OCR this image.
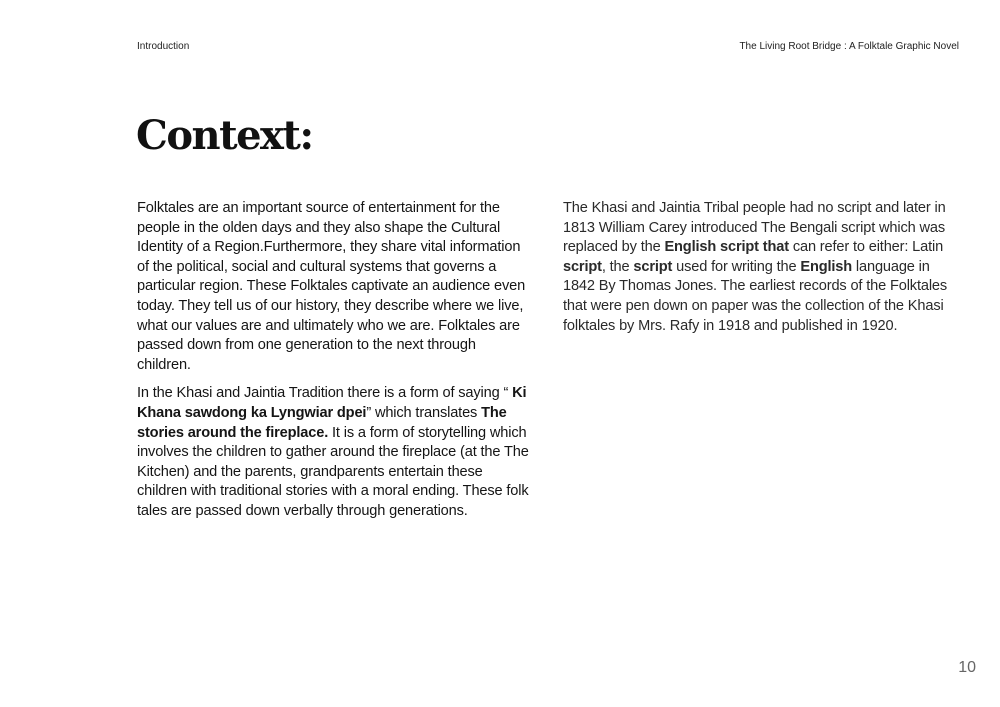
Introduction	The Living Root Bridge : A Folktale Graphic Novel
Context:

Folktales are an important source of entertainment for the people in the olden days and they also shape the Cultural Identity of a Region.Furthermore, they share vital information of the political, social and cultural systems that governs a particular region. These Folktales captivate an audience even today. They tell us of our history, they describe where we live, what our values are and ultimately who we are. Folktales are passed down from one generation to the next through children.

In the Khasi and Jaintia Tradition there is a form of saying “ Ki Khana sawdong ka Lyngwiar dpei” which translates The stories around the fireplace. It is a form of storytelling which involves the children to gather around the fireplace (at the The Kitchen) and the parents, grandparents entertain these children with traditional stories with a moral ending. These folk tales are passed down verbally through generations.

The Khasi and Jaintia Tribal people had no script and later in 1813 William Carey introduced The Bengali script which was replaced by the English script that can refer to either: Latin script, the script used for writing the English language in 1842 By Thomas Jones. The earliest records of the Folktales that were pen down on paper was the collection of the Khasi folktales by Mrs. Rafy in 1918 and published in 1920.

10
